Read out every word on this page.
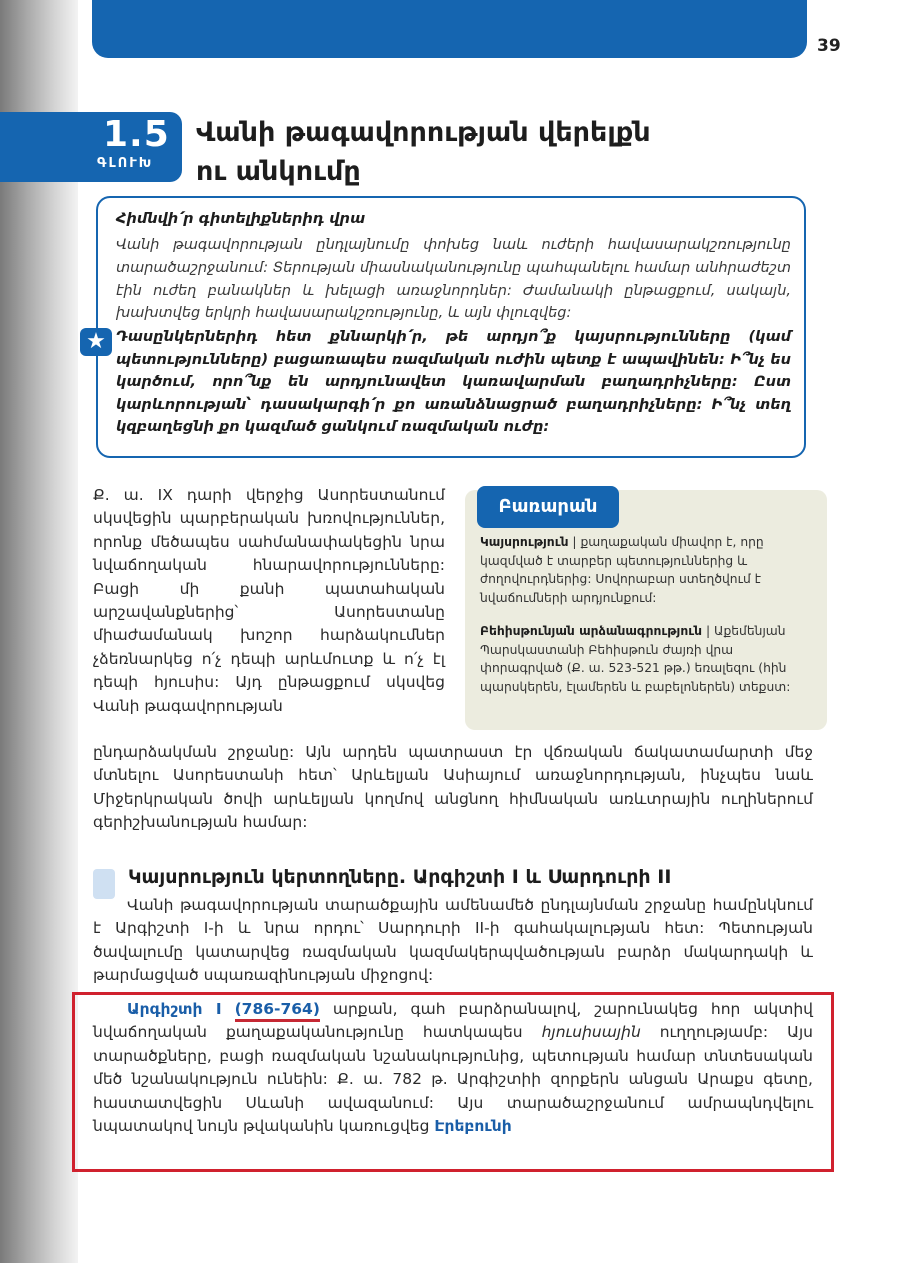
39
1.5
ԳԼՈՒԽ
Վանի թագավորության վերելքն
ու անկումը
Հիմնվի՛ր գիտելիքներիդ վրա
Վանի թագավորության ընդլայնումը փոխեց նաև ուժերի հավասարակշռությունը տարածաշրջանում: Տերության միասնականությունը պահպանելու համար անհրաժեշտ էին ուժեղ բանակներ և խելացի առաջնորդներ: Ժամանակի ընթացքում, սակայն, խախտվեց երկրի հավասարակշռությունը, և այն փլուզվեց:
★ Դասընկերներիդ հետ քննարկի՛ր, թե արդյո՞ք կայսրությունները (կամ պետությունները) բացառապես ռազմական ուժին պետք է ապավինեն: Ի՞նչ ես կարծում, որո՞նք են արդյունավետ կառավարման բաղադրիչները: Ըստ կարևորության՝ դասակարգի՛ր քո առանձնացրած բաղադրիչները: Ի՞նչ տեղ կզբաղեցնի քո կազմած ցանկում ռազմական ուժը:
Ք. ա. IX դարի վերջից Ասորեստանում սկսվեցին պարբերական խռովություններ, որոնք մեծապես սահմանափակեցին նրա նվաճողական հնարավորությունները: Բացի մի քանի պատահական արշավանքներից՝ Ասորեստանը միաժամանակ խոշոր հարձակումներ չձեռնարկեց ո՛չ դեպի արևմուտք և ո՛չ էլ դեպի հյուսիս: Այդ ընթացքում սկսվեց Վանի թագավորության
Բառարան
Կայսրություն | քաղաքական միավոր է, որը կազմված է տարբեր պետություններից և ժողովուրդներից: Սովորաբար ստեղծվում է նվաճումների արդյունքում:
Բեհիսթունյան արձանագրություն | Աքեմենյան Պարսկաստանի Բեհիսթուն ժայռի վրա փորագրված (Ք. ա. 523-521 թթ.) եռալեզու (հին պարսկերեն, էլամերեն և բաբելոներեն) տեքստ:
ընդարձակման շրջանը: Այն արդեն պատրաստ էր վճռական ճակատամարտի մեջ մտնելու Ասորեստանի հետ՝ Արևելյան Ասիայում առաջնորդության, ինչպես նաև Միջերկրական ծովի արևելյան կողմով անցնող հիմնական առևտրային ուղիներում գերիշխանության համար:
Կայսրություն կերտողները. Արգիշտի I և Սարդուրի II
Վանի թագավորության տարածքային ամենամեծ ընդլայնման շրջանը համընկնում է Արգիշտի I-ի և նրա որդու՝ Սարդուրի II-ի գահակալության հետ: Պետության ծավալումը կատարվեց ռազմական կազմակերպվածության բարձր մակարդակի և թարմացված սպառազինության միջոցով:
Արգիշտի I (786-764) արքան, գահ բարձրանալով, շարունակեց հոր ակտիվ նվաճողական քաղաքականությունը հատկապես հյուսիսային ուղղությամբ: Այս տարածքները, բացի ռազմական նշանակությունից, պետության համար տնտեսական մեծ նշանակություն ունեին: Ք. ա. 782 թ. Արգիշտիի զորքերն անցան Արաքս գետը, հաստատվեցին Սևանի ավազանում: Այս տարածաշրջանում ամրապնդվելու նպատակով նույն թվականին կառուցվեց Էրեբունի
